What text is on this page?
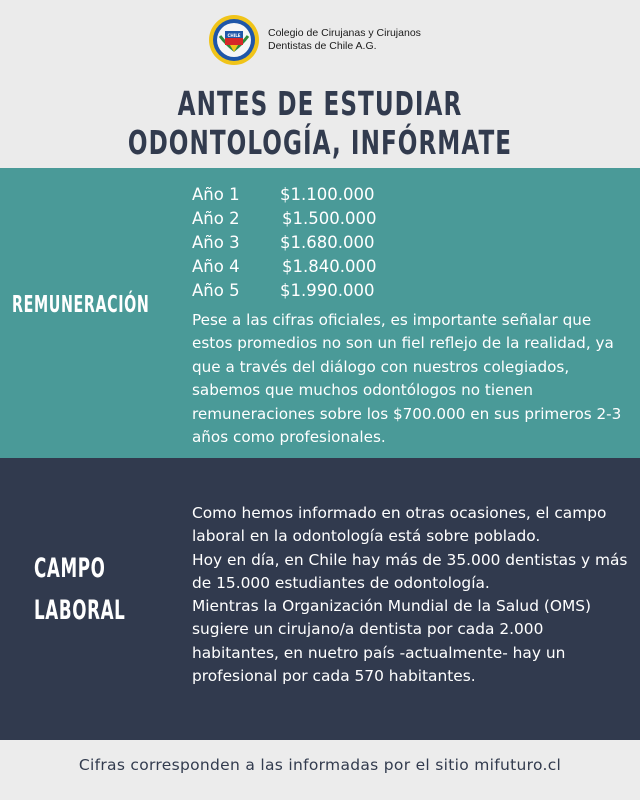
CHILE	Colegio de Cirujanas y Cirujanos
Dentistas de Chile A.G.
ANTES DE ESTUDIAR ODONTOLOGÍA, INFÓRMATE
REMUNERACIÓN
Año 1	$1.100.000
Año 2	$1.500.000
Año 3	$1.680.000
Año 4	$1.840.000
Año 5	$1.990.000
Pese a las cifras oficiales, es importante señalar que estos promedios no son un fiel reflejo de la realidad, ya que a través del diálogo con nuestros colegiados, sabemos que muchos odontólogos no tienen remuneraciones sobre los $700.000 en sus primeros 2-3 años como profesionales.
CAMPO
LABORAL

Como hemos informado en otras ocasiones, el campo laboral en la odontología está sobre poblado.

Hoy en día, en Chile hay más de 35.000 dentistas y más de 15.000 estudiantes de odontología.

Mientras la Organización Mundial de la Salud (OMS) sugiere un cirujano/a dentista por cada 2.000 habitantes, en nuetro país -actualmente- hay un profesional por cada 570 habitantes.

Cifras corresponden a las informadas por el sitio mifuturo.cl
